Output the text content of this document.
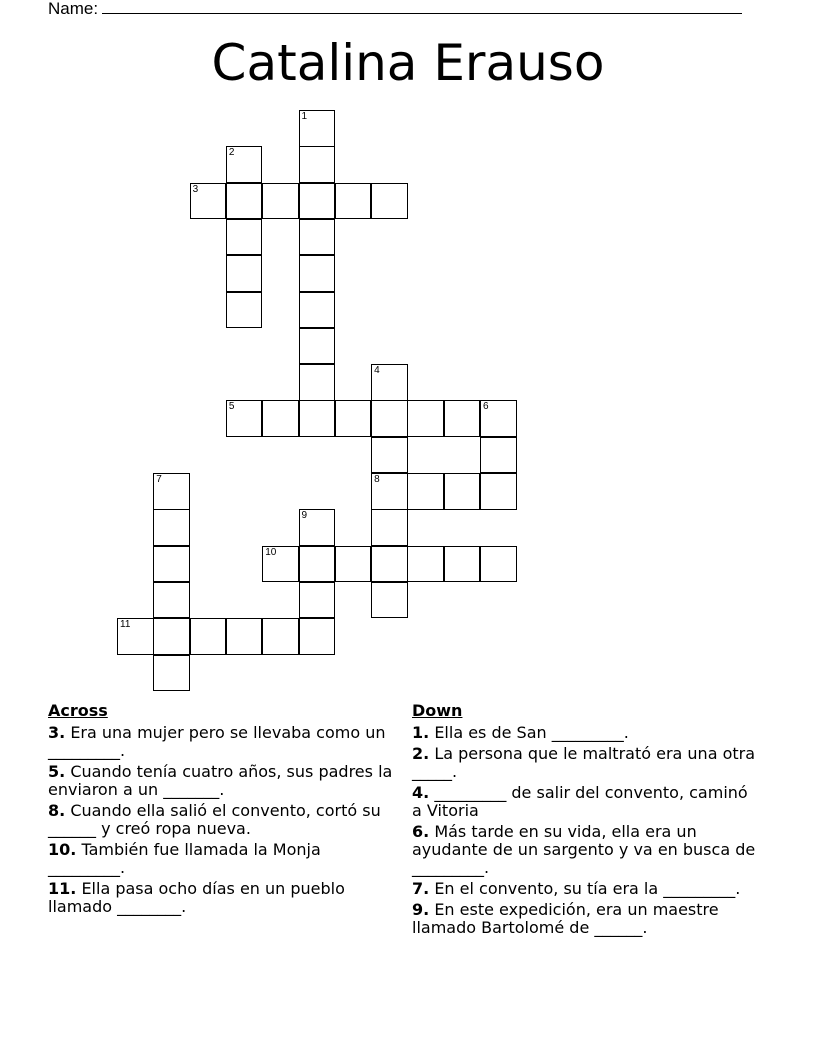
Name:
Catalina Erauso
1
2
3
4
8
5	6
7
9
10
11
Across
3. Era una mujer pero se llevaba como un _________.
5. Cuando tenía cuatro años, sus padres la enviaron a un _______.
8. Cuando ella salió el convento, cortó su ______ y creó ropa nueva.
10. También fue llamada la Monja _________.
11. Ella pasa ocho días en un pueblo llamado ________.
Down
1. Ella es de San _________.
2. La persona que le maltrató era una otra _____.
4. _________ de salir del convento, caminó a Vitoria
6. Más tarde en su vida, ella era un ayudante de un sargento y va en busca de _________.
7. En el convento, su tía era la _________.
9. En este expedición, era un maestre llamado Bartolomé de ______.
